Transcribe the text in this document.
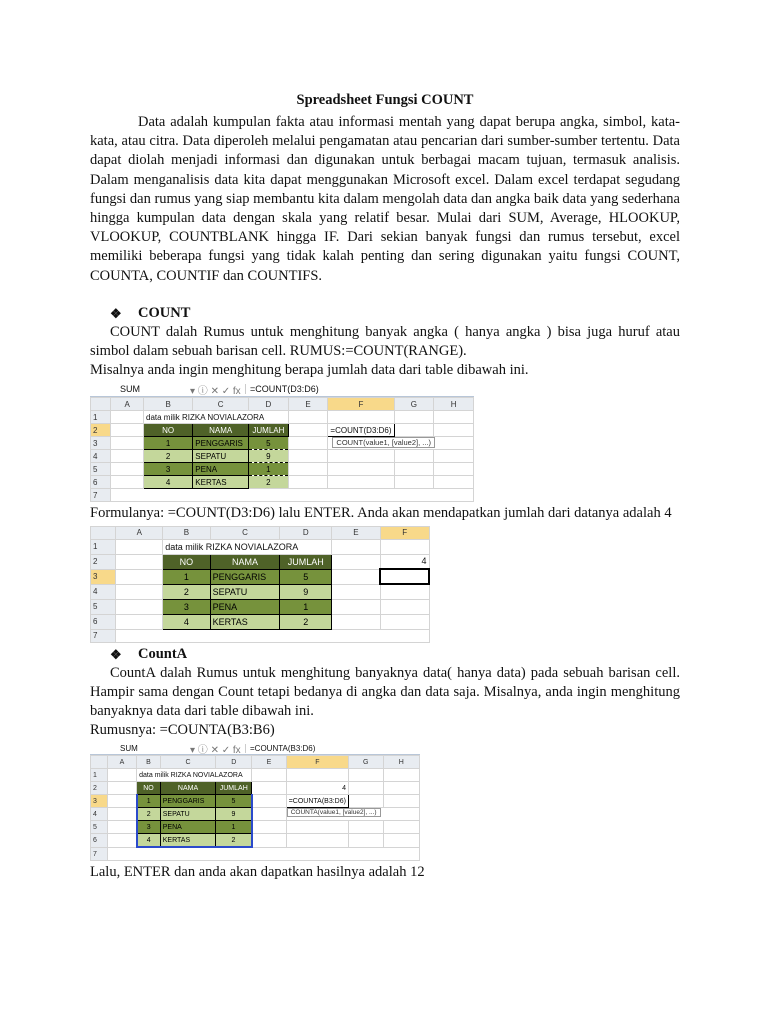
Spreadsheet Fungsi COUNT

Data adalah kumpulan fakta atau informasi mentah yang dapat berupa angka, simbol, kata-kata, atau citra. Data diperoleh melalui pengamatan atau pencarian dari sumber-sumber tertentu. Data dapat diolah menjadi informasi dan digunakan untuk berbagai macam tujuan, termasuk analisis. Dalam menganalisis data kita dapat menggunakan Microsoft excel. Dalam excel terdapat segudang fungsi dan rumus yang siap membantu kita dalam mengolah data dan angka baik data yang sederhana hingga kumpulan data dengan skala yang relatif besar. Mulai dari SUM, Average, HLOOKUP, VLOOKUP, COUNTBLANK hingga IF. Dari sekian banyak fungsi dan rumus tersebut, excel memiliki beberapa fungsi yang tidak kalah penting dan sering digunakan yaitu fungsi COUNT, COUNTA, COUNTIF dan COUNTIFS.

❖	COUNT

COUNT dalah Rumus untuk menghitung banyak angka ( hanya angka ) bisa juga huruf atau simbol dalam sebuah barisan cell. RUMUS:=COUNT(RANGE).

Misalnya anda ingin menghitung berapa jumlah data dari table dibawah ini.

SUM	▾ ⓘ ✕ ✓ fx	=COUNT(D3:D6)
	A	B	C	D	E	F	G	H
1		data milik RIZKA NOVIALAZORA						
2		NO	NAMA	JUMLAH		=COUNT(D3:D6)		
3		1	PENGGARIS	5		COUNT(value1, [value2], ...)		

4		2	SEPATU	9				
5		3	PENA	1				
6		4	KERTAS	2				
7								

Formulanya: =COUNT(D3:D6) lalu ENTER. Anda akan mendapatkan jumlah dari datanya adalah 4

	A	B	C	D	E	F
1		data milik RIZKA NOVIALAZORA				
2		NO	NAMA	JUMLAH		4
3		1	PENGGARIS	5		
4		2	SEPATU	9		
5		3	PENA	1		
6		4	KERTAS	2		
7						
❖	CountA

CountA dalah Rumus untuk menghitung banyaknya data( hanya data) pada sebuah barisan cell. Hampir sama dengan Count tetapi bedanya di angka dan data saja. Misalnya, anda ingin menghitung banyaknya data dari table dibawah ini.

Rumusnya: =COUNTA(B3:B6)

SUM	▾ ⓘ ✕ ✓ fx	=COUNTA(B3:D6)
	A	B	C	D	E	F	G	H
1		data milik RIZKA NOVIALAZORA						
2		NO	NAMA	JUMLAH		4		
3		1	PENGGARIS	5		=COUNTA(B3:D6)		
4		2	SEPATU	9		COUNTA(value1, [value2], ...)		

5		3	PENA	1				
6		4	KERTAS	2				
7								

Lalu, ENTER dan anda akan dapatkan hasilnya adalah 12
